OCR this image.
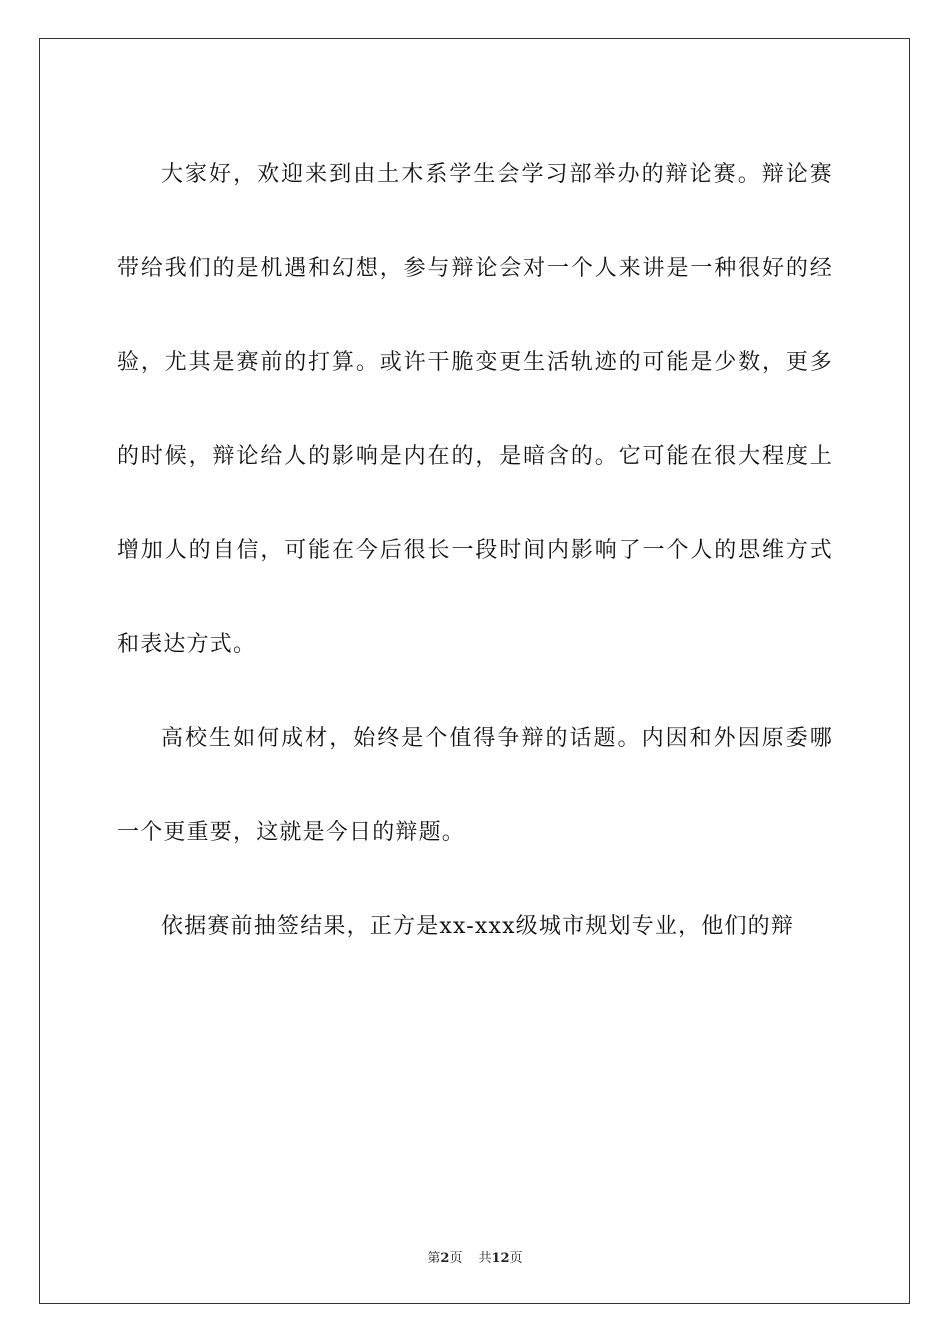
大家好，欢迎来到由土木系学生会学习部举办的辩论赛。辩论赛带给我们的是机遇和幻想，参与辩论会对一个人来讲是一种很好的经验，尤其是赛前的打算。或许干脆变更生活轨迹的可能是少数，更多的时候，辩论给人的影响是内在的，是暗含的。它可能在很大程度上增加人的自信，可能在今后很长一段时间内影响了一个人的思维方式和表达方式。

高校生如何成材，始终是个值得争辩的话题。内因和外因原委哪一个更重要，这就是今日的辩题。

依据赛前抽签结果，正方是xx-xxx级城市规划专业，他们的辩

第2页 共12页
